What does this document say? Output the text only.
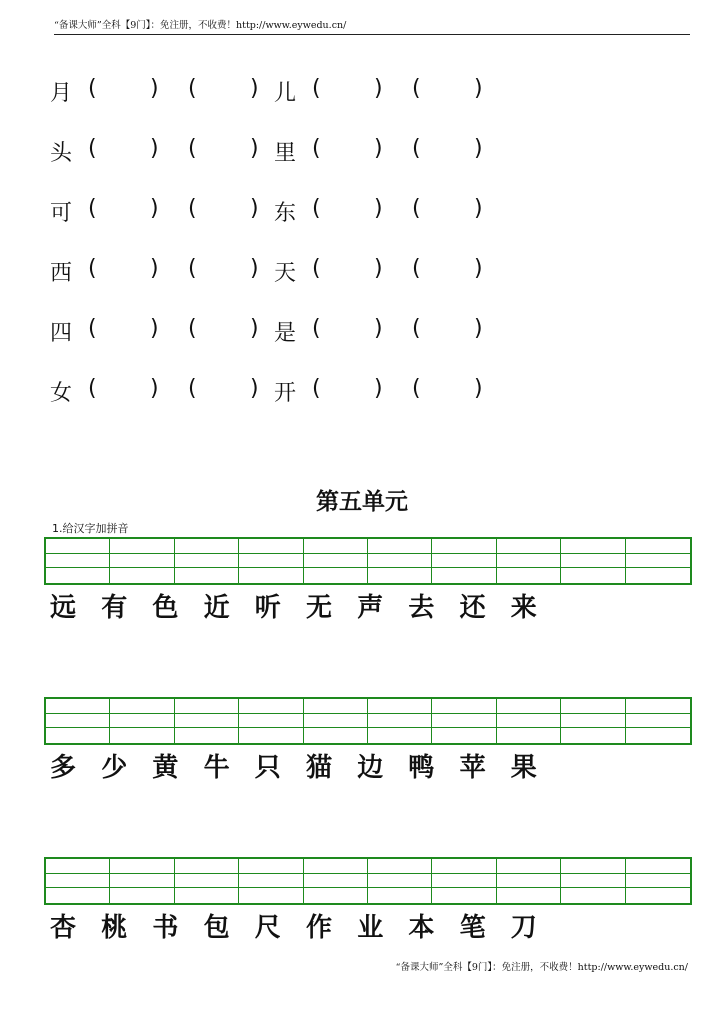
“备课大师”全科【9门】：免注册，不收费！http://www.eywedu.cn/
月 ( ) ( ) 儿 ( ) ( )
头 ( ) ( ) 里 ( ) ( )
可 ( ) ( ) 东 ( ) ( )
西 ( ) ( ) 天 ( ) ( )
四 ( ) ( ) 是 ( ) ( )
女 ( ) ( ) 开 ( ) ( )
第五单元
1.给汉字加拼音
远 有 色 近 听 无 声 去 还 来
多 少 黄 牛 只 猫 边 鸭 苹 果
杏 桃 书 包 尺 作 业 本 笔 刀
“备课大师”全科【9门】：免注册，不收费！http://www.eywedu.cn/
